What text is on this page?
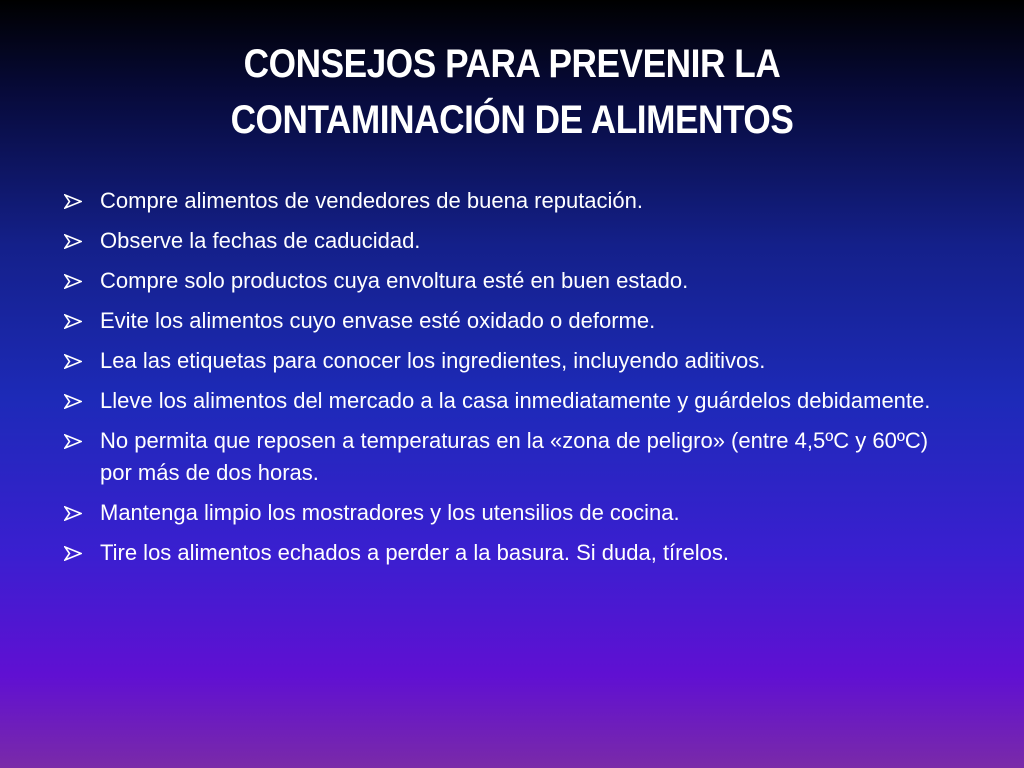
CONSEJOS PARA PREVENIR LA
CONTAMINACIÓN DE ALIMENTOS
Compre alimentos de vendedores de buena reputación.
Observe la fechas de caducidad.
Compre solo productos cuya envoltura esté en buen estado.
Evite los alimentos cuyo envase esté oxidado o deforme.
Lea las etiquetas para conocer los ingredientes, incluyendo aditivos.
Lleve los alimentos del mercado a la casa inmediatamente y guárdelos debidamente.
No permita que reposen a temperaturas en la «zona de peligro» (entre 4,5ºC y 60ºC) por más de dos horas.
Mantenga limpio los mostradores y los utensilios de cocina.
Tire los alimentos echados a perder a la basura. Si duda, tírelos.
